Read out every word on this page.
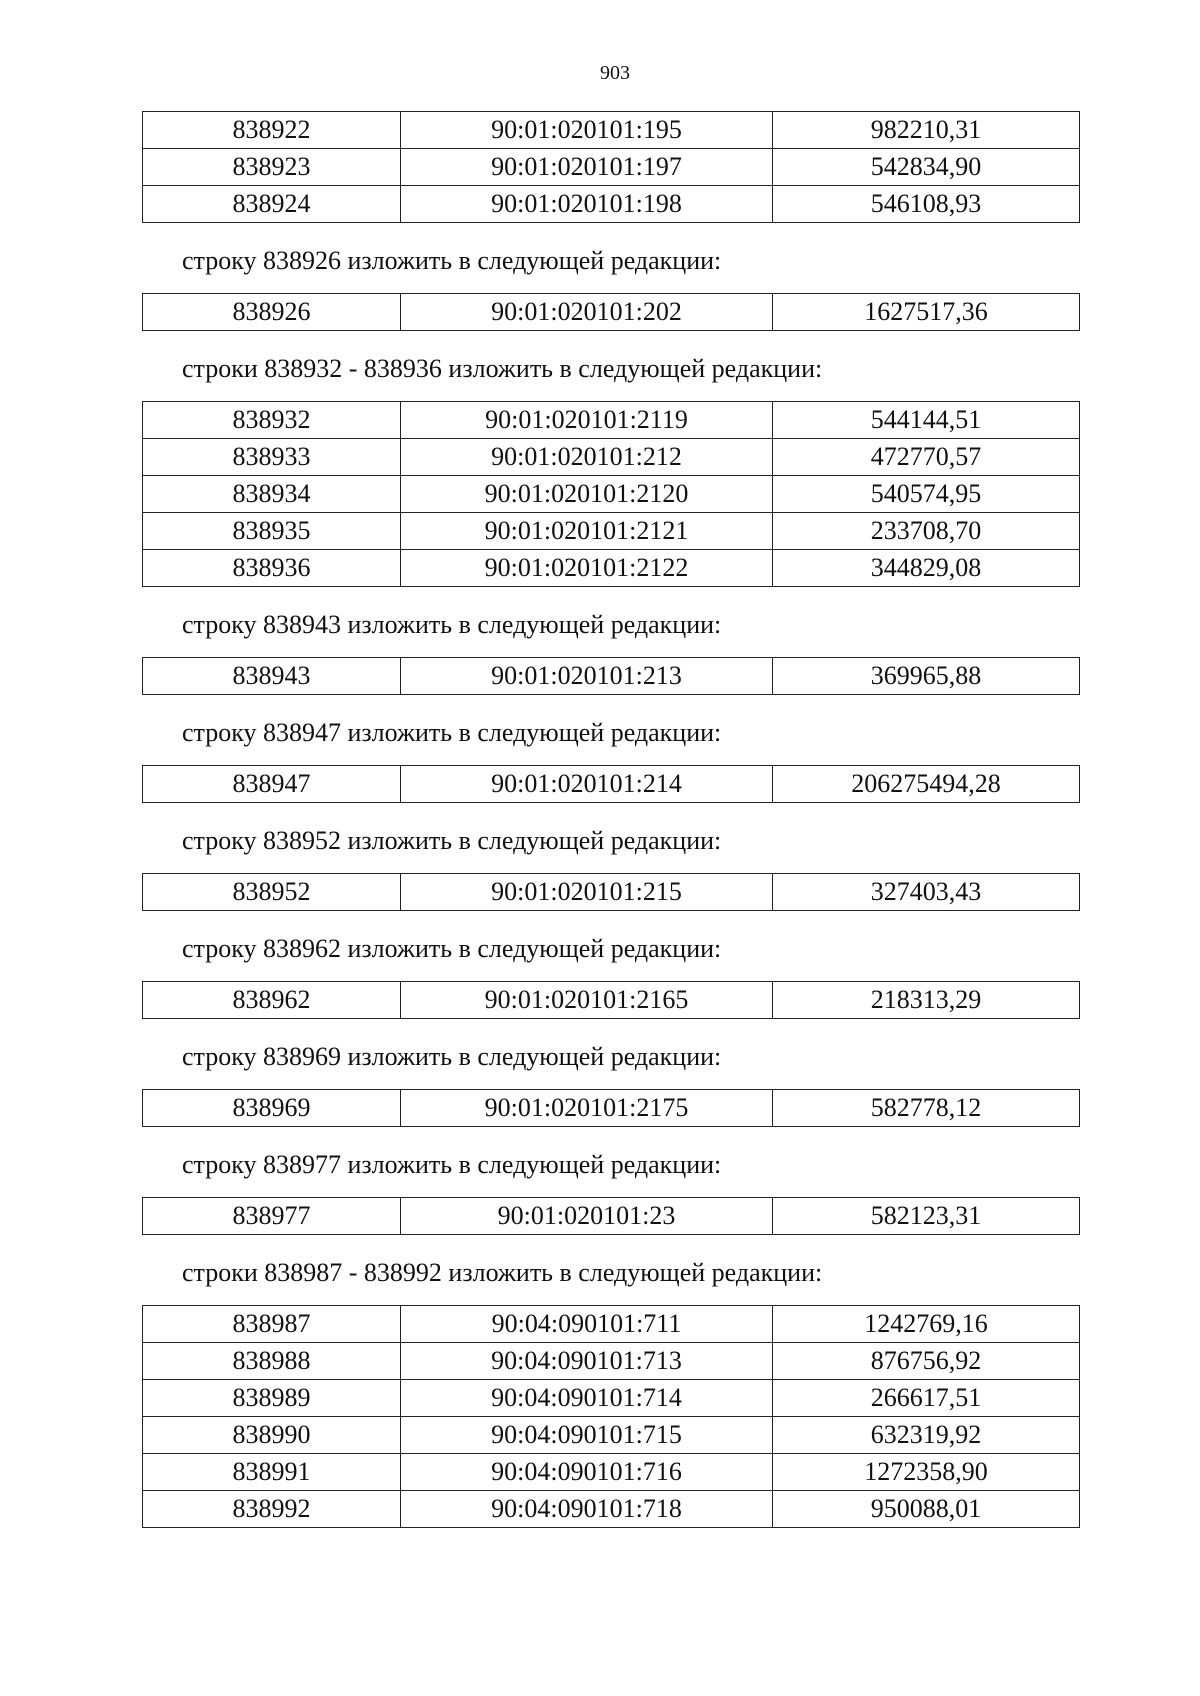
903
838922	90:01:020101:195	982210,31
838923	90:01:020101:197	542834,90
838924	90:01:020101:198	546108,93
строку 838926 изложить в следующей редакции:
838926	90:01:020101:202	1627517,36
строки 838932 - 838936 изложить в следующей редакции:
838932	90:01:020101:2119	544144,51
838933	90:01:020101:212	472770,57
838934	90:01:020101:2120	540574,95
838935	90:01:020101:2121	233708,70
838936	90:01:020101:2122	344829,08
строку 838943 изложить в следующей редакции:
838943	90:01:020101:213	369965,88
строку 838947 изложить в следующей редакции:
838947	90:01:020101:214	206275494,28
строку 838952 изложить в следующей редакции:
838952	90:01:020101:215	327403,43
строку 838962 изложить в следующей редакции:
838962	90:01:020101:2165	218313,29
строку 838969 изложить в следующей редакции:
838969	90:01:020101:2175	582778,12
строку 838977 изложить в следующей редакции:
838977	90:01:020101:23	582123,31
строки 838987 - 838992 изложить в следующей редакции:
838987	90:04:090101:711	1242769,16
838988	90:04:090101:713	876756,92
838989	90:04:090101:714	266617,51
838990	90:04:090101:715	632319,92
838991	90:04:090101:716	1272358,90
838992	90:04:090101:718	950088,01
